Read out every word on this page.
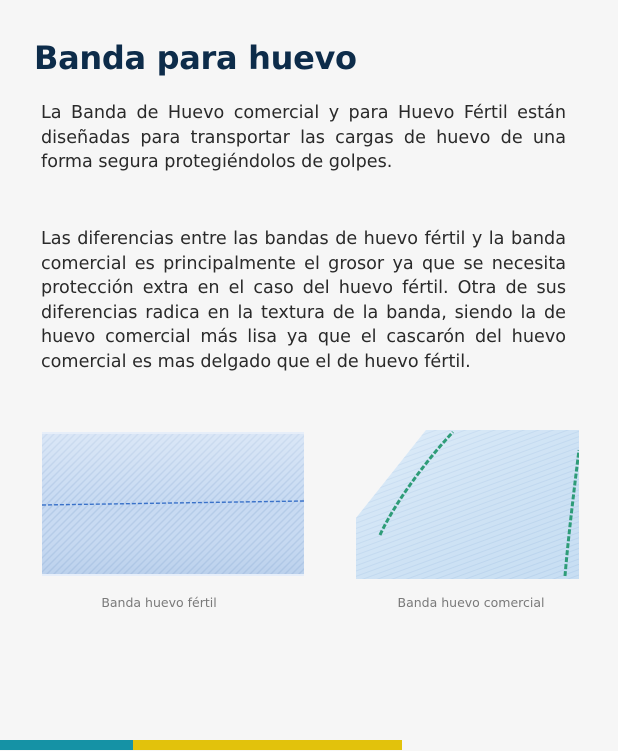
Banda para huevo

La Banda de Huevo comercial y para Huevo Fértil están diseñadas para transportar las cargas de huevo de una forma segura protegiéndolos de golpes.

Las diferencias entre las bandas de huevo fértil y la banda comercial es principalmente el grosor ya que se necesita protección extra en el caso del huevo fértil. Otra de sus diferencias radica en la textura de la banda, siendo la de huevo comercial más lisa ya que el cascarón del huevo comercial es mas delgado que el de huevo fértil.

Banda huevo fértil	Banda huevo comercial
